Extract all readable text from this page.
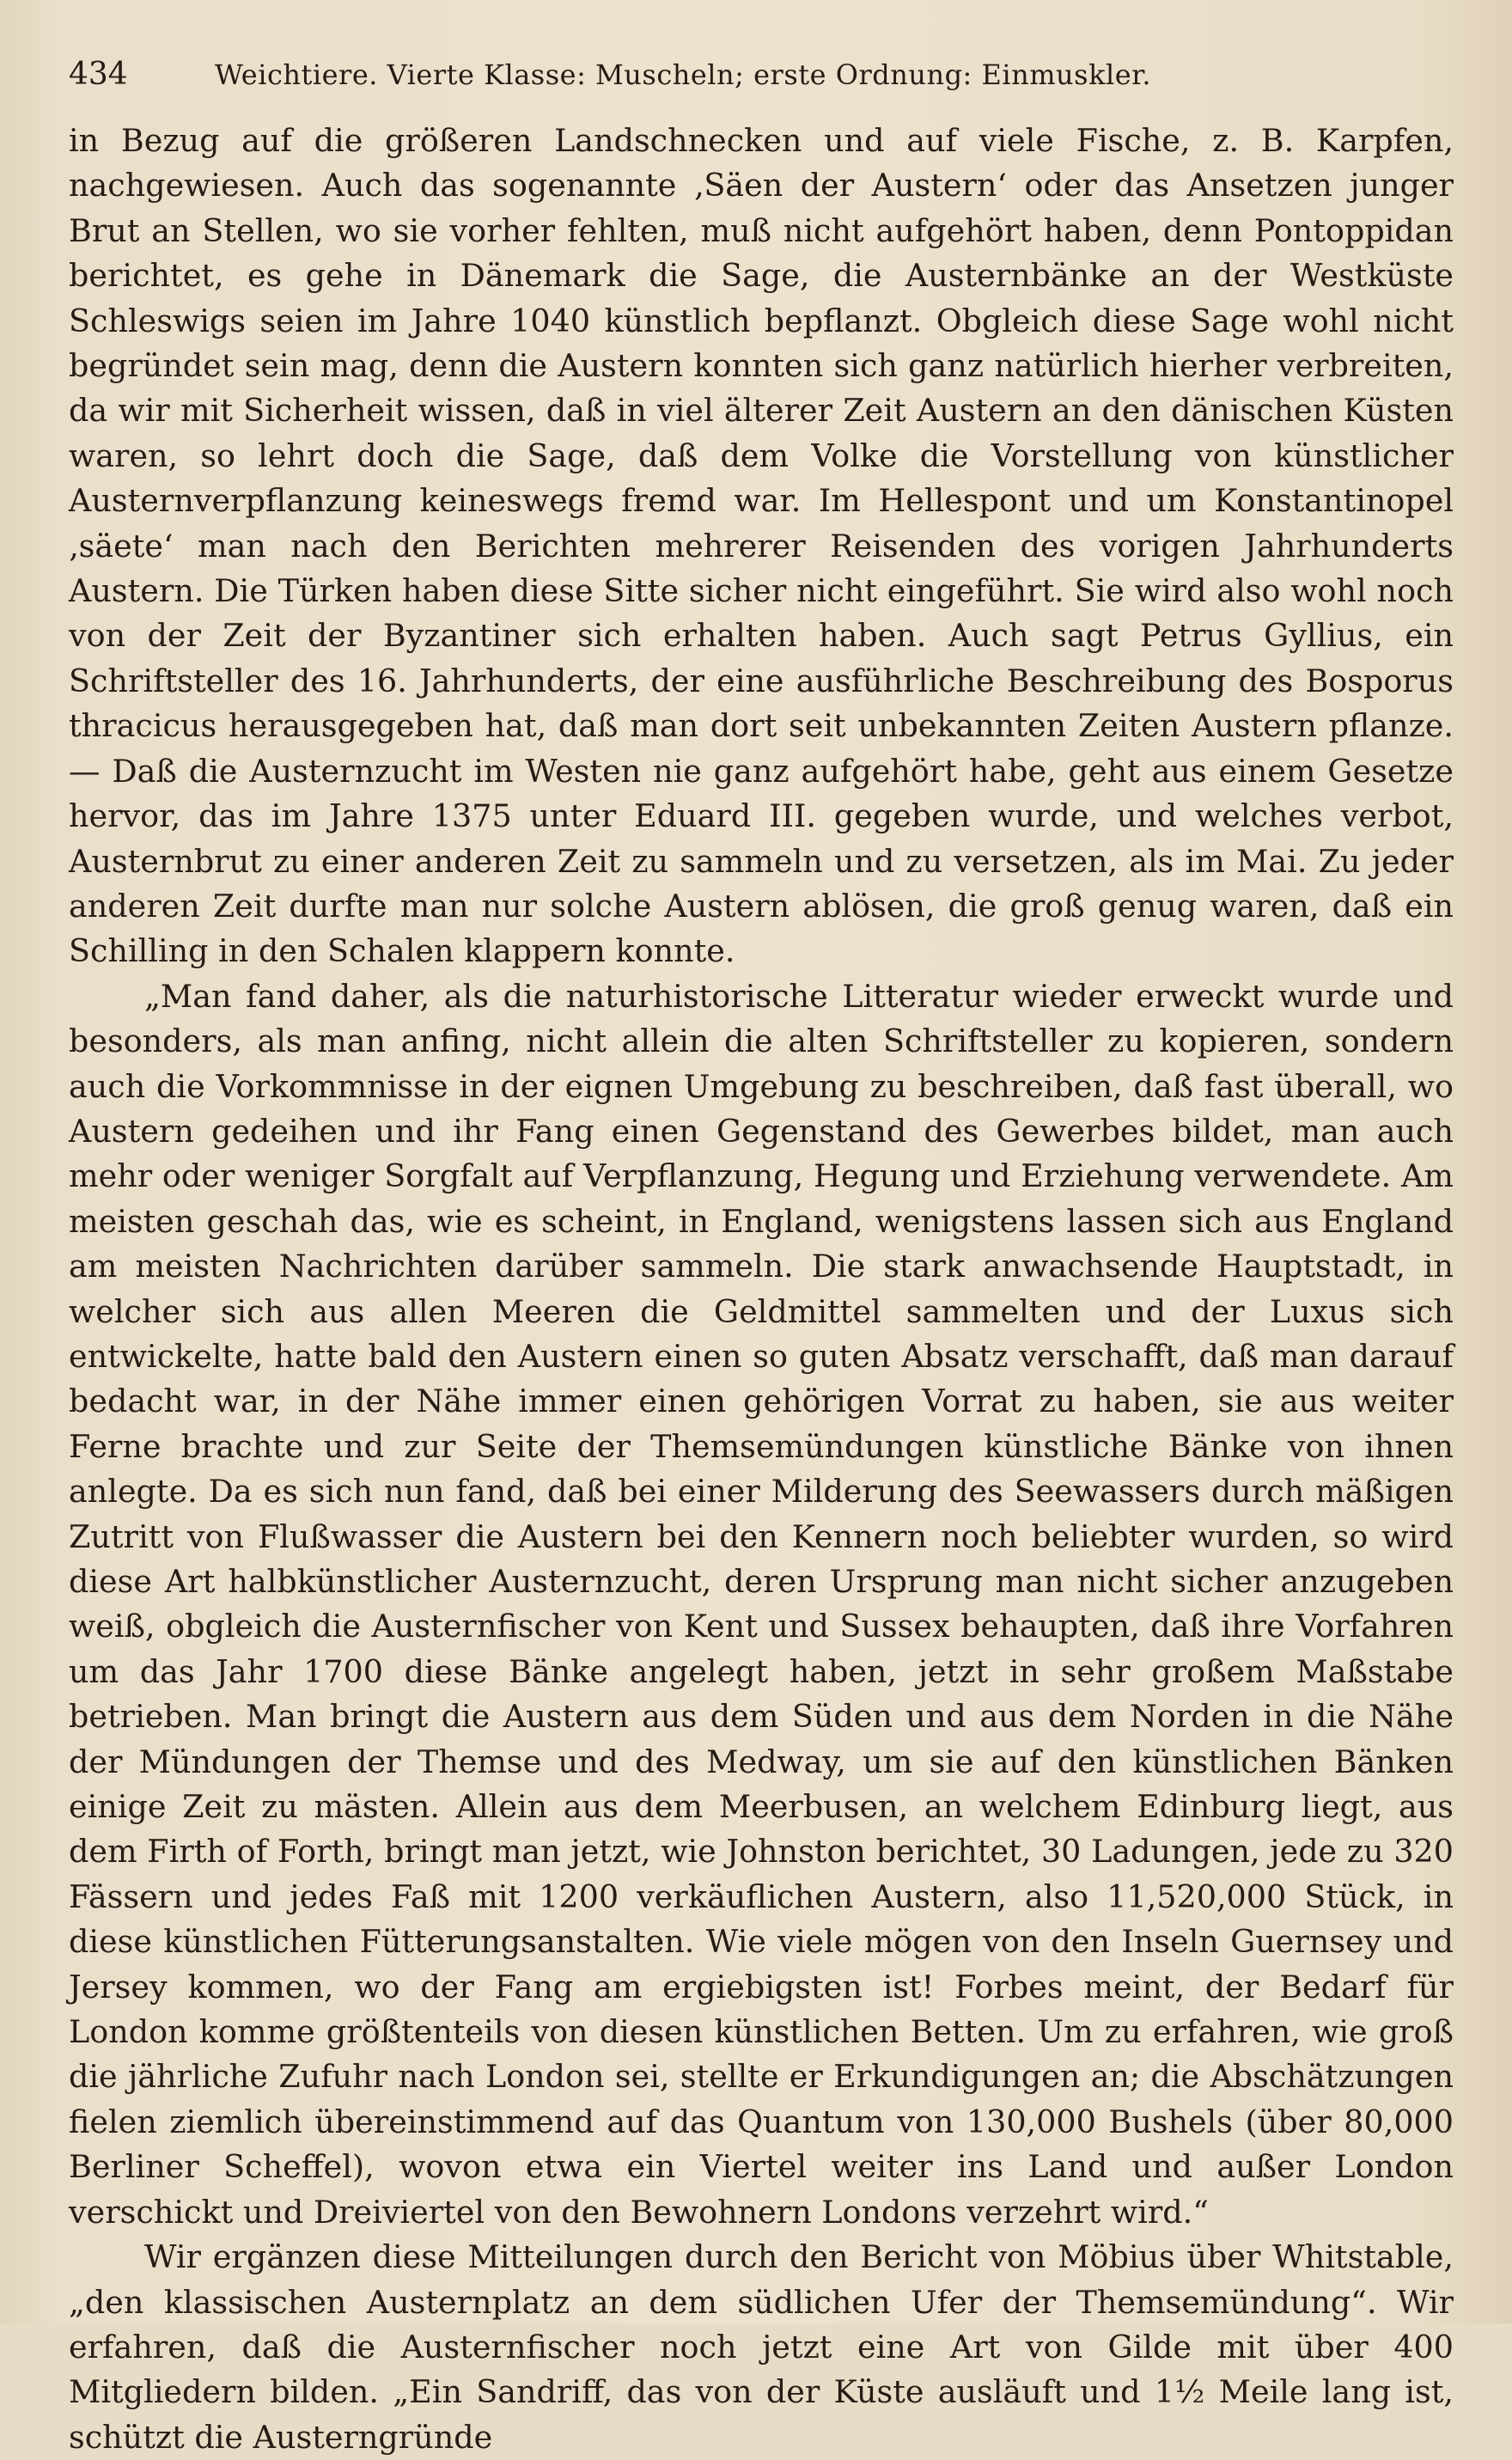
434	Weichtiere. Vierte Klasse: Muscheln; erste Ordnung: Einmuskler.

in Bezug auf die größeren Landschnecken und auf viele Fische, z. B. Karpfen, nachgewiesen. Auch das sogenannte ‚Säen der Austern‘ oder das Ansetzen junger Brut an Stellen, wo sie vorher fehlten, muß nicht aufgehört haben, denn Pontoppidan berichtet, es gehe in Dänemark die Sage, die Austernbänke an der Westküste Schleswigs seien im Jahre 1040 künstlich bepflanzt. Obgleich diese Sage wohl nicht begründet sein mag, denn die Austern konnten sich ganz natürlich hierher verbreiten, da wir mit Sicherheit wissen, daß in viel älterer Zeit Austern an den dänischen Küsten waren, so lehrt doch die Sage, daß dem Volke die Vorstellung von künstlicher Austernverpflanzung keineswegs fremd war. Im Hellespont und um Konstantinopel ‚säete‘ man nach den Berichten mehrerer Reisenden des vorigen Jahrhunderts Austern. Die Türken haben diese Sitte sicher nicht eingeführt. Sie wird also wohl noch von der Zeit der Byzantiner sich erhalten haben. Auch sagt Petrus Gyllius, ein Schriftsteller des 16. Jahrhunderts, der eine ausführliche Beschreibung des Bosporus thracicus herausgegeben hat, daß man dort seit unbekannten Zeiten Austern pflanze. — Daß die Austernzucht im Westen nie ganz aufgehört habe, geht aus einem Gesetze hervor, das im Jahre 1375 unter Eduard III. gegeben wurde, und welches verbot, Austernbrut zu einer anderen Zeit zu sammeln und zu versetzen, als im Mai. Zu jeder anderen Zeit durfte man nur solche Austern ablösen, die groß genug waren, daß ein Schilling in den Schalen klappern konnte.

„Man fand daher, als die naturhistorische Litteratur wieder erweckt wurde und besonders, als man anfing, nicht allein die alten Schriftsteller zu kopieren, sondern auch die Vorkommnisse in der eignen Umgebung zu beschreiben, daß fast überall, wo Austern gedeihen und ihr Fang einen Gegenstand des Gewerbes bildet, man auch mehr oder weniger Sorgfalt auf Verpflanzung, Hegung und Erziehung verwendete. Am meisten geschah das, wie es scheint, in England, wenigstens lassen sich aus England am meisten Nachrichten darüber sammeln. Die stark anwachsende Hauptstadt, in welcher sich aus allen Meeren die Geldmittel sammelten und der Luxus sich entwickelte, hatte bald den Austern einen so guten Absatz verschafft, daß man darauf bedacht war, in der Nähe immer einen gehörigen Vorrat zu haben, sie aus weiter Ferne brachte und zur Seite der Themsemündungen künstliche Bänke von ihnen anlegte. Da es sich nun fand, daß bei einer Milderung des Seewassers durch mäßigen Zutritt von Flußwasser die Austern bei den Kennern noch beliebter wurden, so wird diese Art halbkünstlicher Austernzucht, deren Ursprung man nicht sicher anzugeben weiß, obgleich die Austernfischer von Kent und Sussex behaupten, daß ihre Vorfahren um das Jahr 1700 diese Bänke angelegt haben, jetzt in sehr großem Maßstabe betrieben. Man bringt die Austern aus dem Süden und aus dem Norden in die Nähe der Mündungen der Themse und des Medway, um sie auf den künstlichen Bänken einige Zeit zu mästen. Allein aus dem Meerbusen, an welchem Edinburg liegt, aus dem Firth of Forth, bringt man jetzt, wie Johnston berichtet, 30 Ladungen, jede zu 320 Fässern und jedes Faß mit 1200 verkäuflichen Austern, also 11,520,000 Stück, in diese künstlichen Fütterungsanstalten. Wie viele mögen von den Inseln Guernsey und Jersey kommen, wo der Fang am ergiebigsten ist! Forbes meint, der Bedarf für London komme größtenteils von diesen künstlichen Betten. Um zu erfahren, wie groß die jährliche Zufuhr nach London sei, stellte er Erkundigungen an; die Abschätzungen fielen ziemlich übereinstimmend auf das Quantum von 130,000 Bushels (über 80,000 Berliner Scheffel), wovon etwa ein Viertel weiter ins Land und außer London verschickt und Dreiviertel von den Bewohnern Londons verzehrt wird.“

Wir ergänzen diese Mitteilungen durch den Bericht von Möbius über Whitstable, „den klassischen Austernplatz an dem südlichen Ufer der Themsemündung“. Wir erfahren, daß die Austernfischer noch jetzt eine Art von Gilde mit über 400 Mitgliedern bilden. „Ein Sandriff, das von der Küste ausläuft und 1½ Meile lang ist, schützt die Austerngründe
